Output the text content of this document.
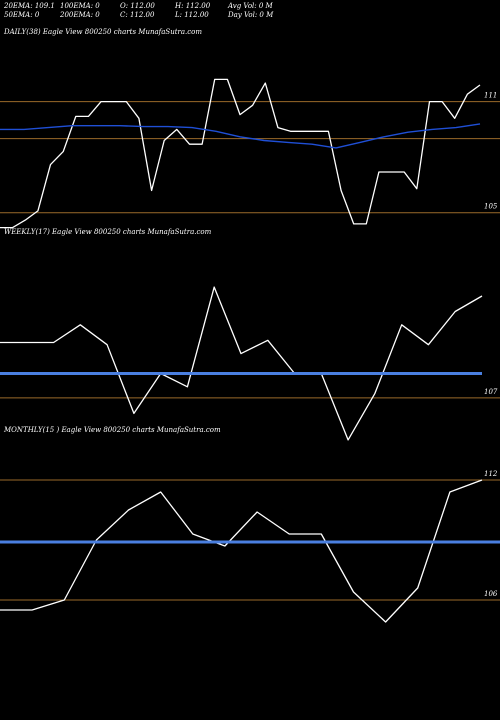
20EMA: 109.1 100EMA: 0	O: 112.00	H: 112.00	Avg Vol: 0 M
50EMA: 0	200EMA: 0	C: 112.00	L: 112.00	Day Vol: 0 M
DAILY(38) Eagle View 800250 charts MunafaSutra.com
WEEKLY(17) Eagle View 800250 charts MunafaSutra.com
MONTHLY(15 ) Eagle View 800250 charts MunafaSutra.com
111
105
107
112
106
